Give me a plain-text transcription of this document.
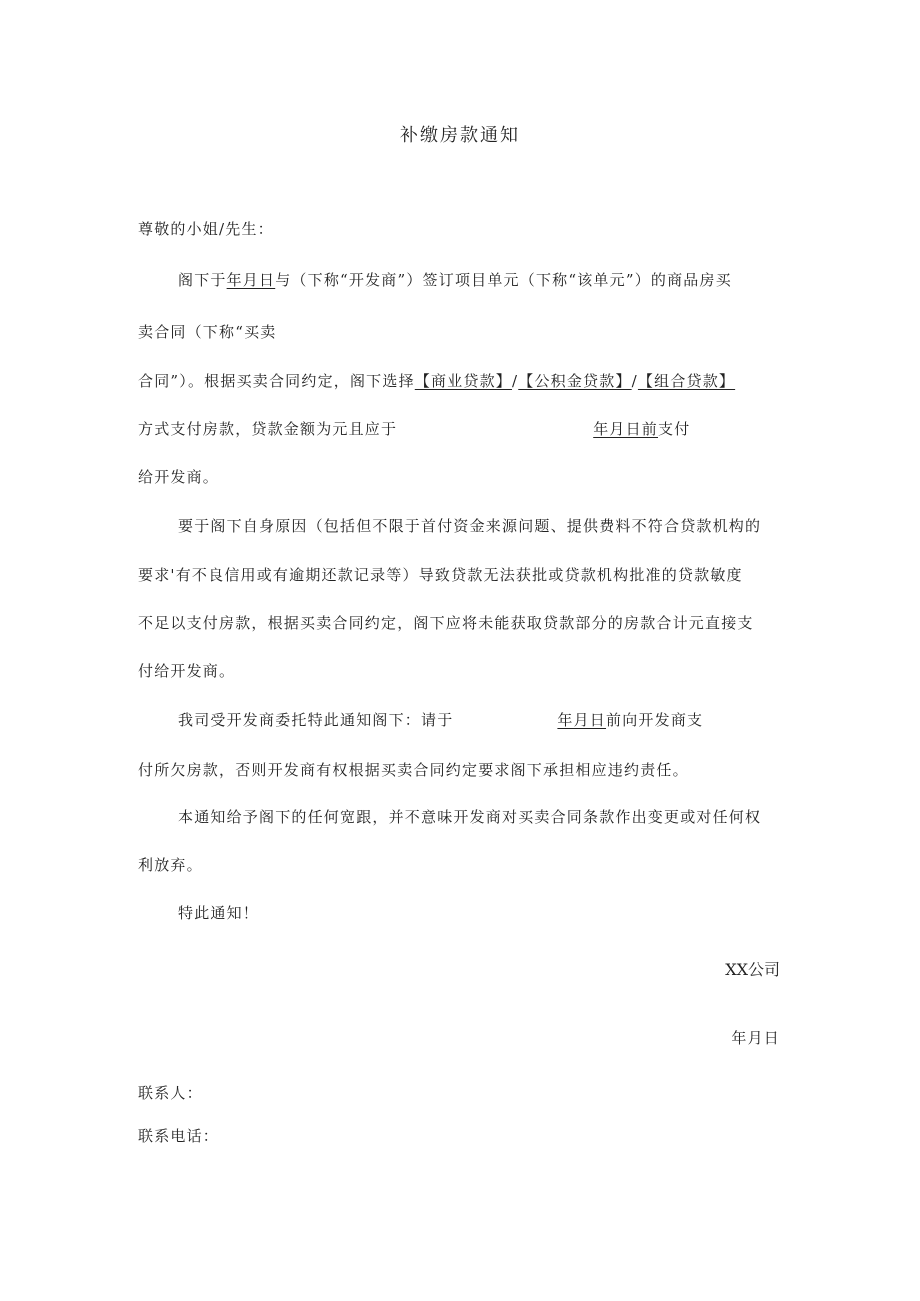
补缴房款通知
尊敬的小姐/先生：
阁下于年月日与（下称“开发商”）签订项目单元（下称“该单元”）的商品房买
卖合同（下称“买卖
合同”）。根据买卖合同约定，阁下选择【商业贷款】/【公积金贷款】/【组合贷款】
方式支付房款，贷款金额为元且应于	年月日前支付
给开发商。
要于阁下自身原因（包括但不限于首付资金来源问题、提供费料不符合贷款机构的
要求'有不良信用或有逾期还款记录等）导致贷款无法获批或贷款机构批准的贷款敏度
不足以支付房款，根据买卖合同约定，阁下应将未能获取贷款部分的房款合计元直接支
付给开发商。
我司受开发商委托特此通知阁下：请于	年月日前向开发商支
付所欠房款，否则开发商有权根据买卖合同约定要求阁下承担相应违约责任。
本通知给予阁下的任何宽跟，并不意味开发商对买卖合同条款作出变更或对任何权
利放弃。
特此通知！
XX公司
年月日
联系人：
联系电话：
